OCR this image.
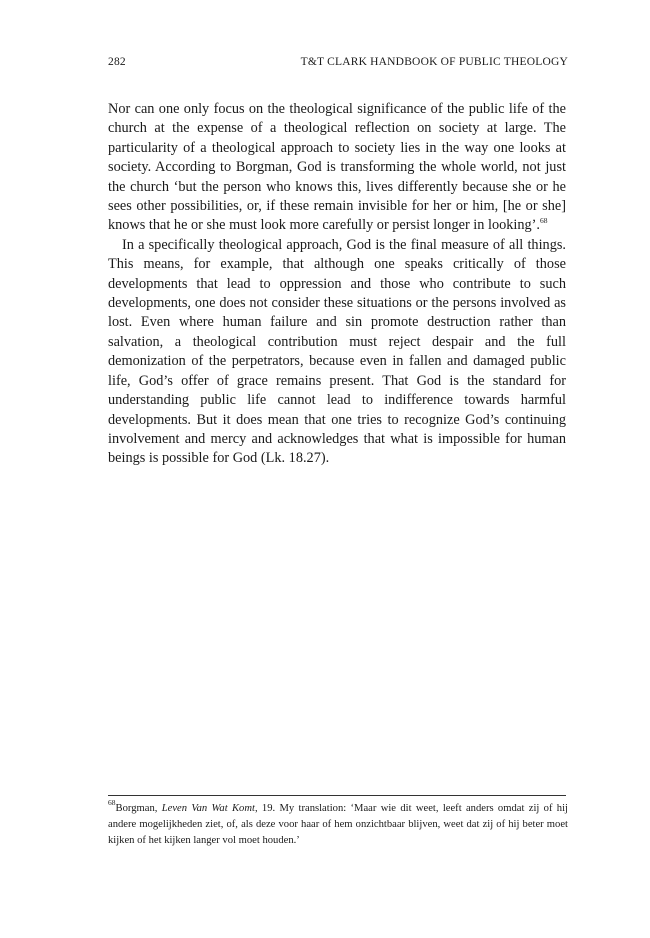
282	T&T CLARK HANDBOOK OF PUBLIC THEOLOGY

Nor can one only focus on the theological significance of the public life of the church at the expense of a theological reflection on society at large. The particularity of a theological approach to society lies in the way one looks at society. According to Borgman, God is transforming the whole world, not just the church ‘but the person who knows this, lives differently because she or he sees other possibilities, or, if these remain invisible for her or him, [he or she] knows that he or she must look more carefully or persist longer in looking’.$^{68}$

In a specifically theological approach, God is the final measure of all things. This means, for example, that although one speaks critically of those developments that lead to oppression and those who contribute to such developments, one does not consider these situations or the persons involved as lost. Even where human failure and sin promote destruction rather than salvation, a theological contribution must reject despair and the full demonization of the perpetrators, because even in fallen and damaged public life, God’s offer of grace remains present. That God is the standard for understanding public life cannot lead to indifference towards harmful developments. But it does mean that one tries to recognize God’s continuing involvement and mercy and acknowledges that what is impossible for human beings is possible for God (Lk. 18.27).

$^{68}$Borgman, Leven Van Wat Komt, 19. My translation: ‘Maar wie dit weet, leeft anders omdat zij of hij andere mogelijkheden ziet, of, als deze voor haar of hem onzichtbaar blijven, weet dat zij of hij beter moet kijken of het kijken langer vol moet houden.’
